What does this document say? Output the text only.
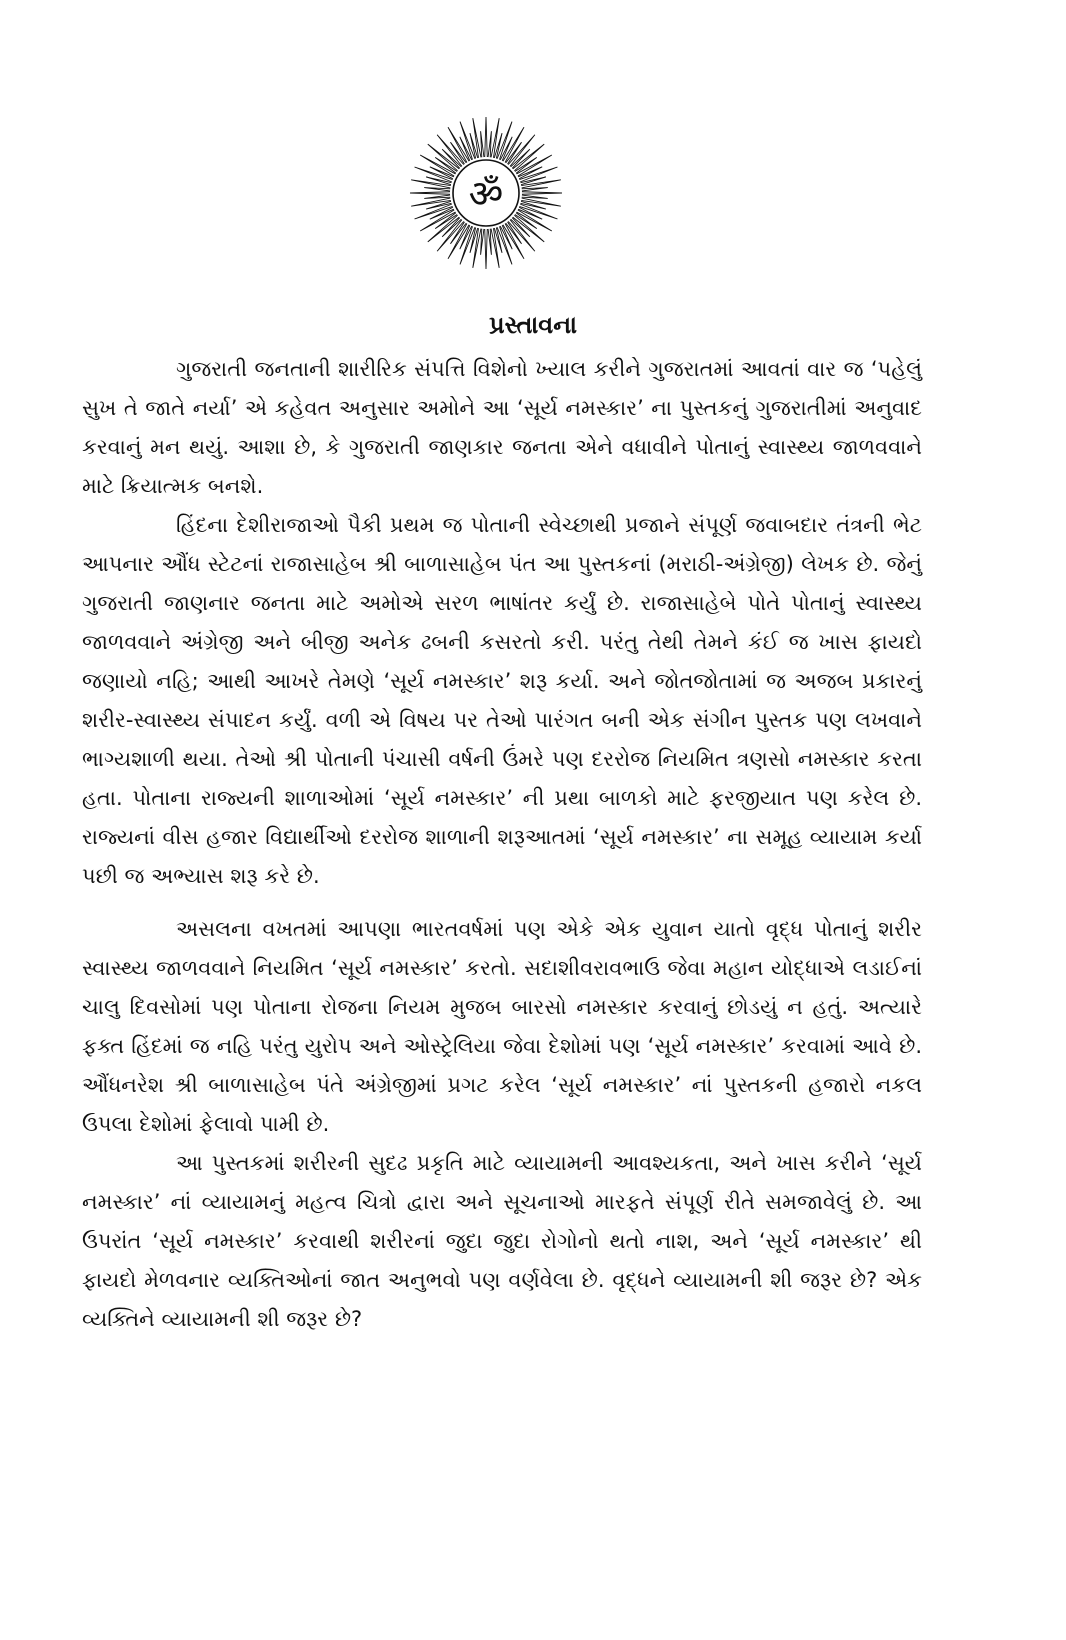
ॐ
પ્રસ્તાવના

ગુજરાતી જનતાની શારીરિક સંપત્તિ વિશેનો ખ્યાલ કરીને ગુજરાતમાં આવતાં વાર જ ‘પહેલું સુખ તે જાતે નર્યા’ એ કહેવત અનુસાર અમોને આ ‘સૂર્ય નમસ્કાર’ ના પુસ્તકનું ગુજરાતીમાં અનુવાદ કરવાનું મન થયું. આશા છે, કે ગુજરાતી જાણકાર જનતા એને વધાવીને પોતાનું સ્વાસ્થ્ય જાળવવાને માટે ક્રિયાત્મક બનશે.

હિંદના દેશીરાજાઓ પૈકી પ્રથમ જ પોતાની સ્વેચ્છાથી પ્રજાને સંપૂર્ણ જવાબદાર તંત્રની ભેટ આપનાર ઔંધ સ્ટેટનાં રાજાસાહેબ શ્રી બાળાસાહેબ પંત આ પુસ્તકનાં (મરાઠી-અંગ્રેજી) લેખક છે. જેનું ગુજરાતી જાણનાર જનતા માટે અમોએ સરળ ભાષાંતર કર્યું છે. રાજાસાહેબે પોતે પોતાનું સ્વાસ્થ્ય જાળવવાને અંગ્રેજી અને બીજી અનેક ઢબની કસરતો કરી. પરંતુ તેથી તેમને કંઈ જ ખાસ ફાયદો જણાયો નહિ; આથી આખરે તેમણે ‘સૂર્ય નમસ્કાર’ શરૂ કર્યા. અને જોતજોતામાં જ અજબ પ્રકારનું શરીર-સ્વાસ્થ્ય સંપાદન કર્યું. વળી એ વિષય પર તેઓ પારંગત બની એક સંગીન પુસ્તક પણ લખવાને ભાગ્યશાળી થયા. તેઓ શ્રી પોતાની પંચાસી વર્ષની ઉંમરે પણ દરરોજ નિયમિત ત્રણસો નમસ્કાર કરતા હતા. પોતાના રાજ્યની શાળાઓમાં ‘સૂર્ય નમસ્કાર’ ની પ્રથા બાળકો માટે ફરજીયાત પણ કરેલ છે. રાજ્યનાં વીસ હજાર વિદ્યાર્થીઓ દરરોજ શાળાની શરૂઆતમાં ‘સૂર્ય નમસ્કાર’ ના સમૂહ વ્યાયામ કર્યા પછી જ અભ્યાસ શરૂ કરે છે.

અસલના વખતમાં આપણા ભારતવર્ષમાં પણ એકે એક યુવાન યાતો વૃદ્ધ પોતાનું શરીર સ્વાસ્થ્ય જાળવવાને નિયમિત ‘સૂર્ય નમસ્કાર’ કરતો. સદાશીવરાવભાઉ જેવા મહાન યોદ્ધાએ લડાઈનાં ચાલુ દિવસોમાં પણ પોતાના રોજના નિયમ મુજબ બારસો નમસ્કાર કરવાનું છોડયું ન હતું. અત્યારે ફક્ત હિંદમાં જ નહિ પરંતુ યુરોપ અને ઓસ્ટ્રેલિયા જેવા દેશોમાં પણ ‘સૂર્ય નમસ્કાર’ કરવામાં આવે છે. ઔંધનરેશ શ્રી બાળાસાહેબ પંતે અંગ્રેજીમાં પ્રગટ કરેલ ‘સૂર્ય નમસ્કાર’ નાં પુસ્તકની હજારો નકલ ઉપલા દેશોમાં ફેલાવો પામી છે.

આ પુસ્તકમાં શરીરની સુદઢ પ્રકૃતિ માટે વ્યાયામની આવશ્યકતા, અને ખાસ કરીને ‘સૂર્ય નમસ્કાર’ નાં વ્યાયામનું મહત્વ ચિત્રો દ્વારા અને સૂચનાઓ મારફતે સંપૂર્ણ રીતે સમજાવેલું છે. આ ઉપરાંત ‘સૂર્ય નમસ્કાર’ કરવાથી શરીરનાં જુદા જુદા રોગોનો થતો નાશ, અને ‘સૂર્ય નમસ્કાર’ થી ફાયદો મેળવનાર વ્યક્તિઓનાં જાત અનુભવો પણ વર્ણવેલા છે. વૃદ્ધને વ્યાયામની શી જરૂર છે? એક વ્યક્તિને વ્યાયામની શી જરૂર છે?
